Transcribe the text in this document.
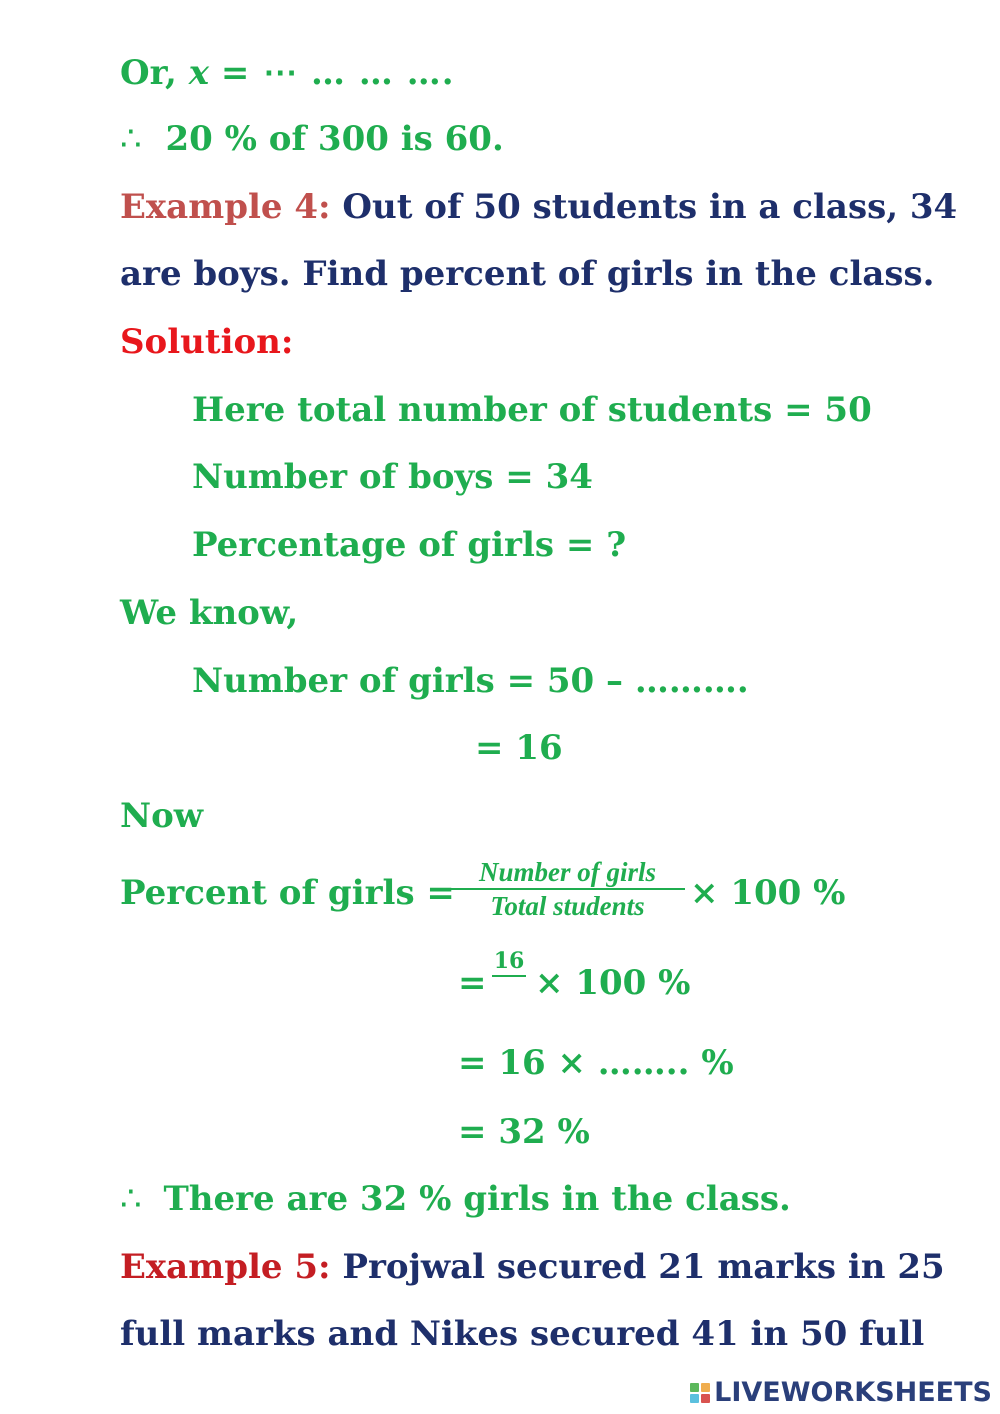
Or, x = ⋯ … … ….
∴ 20 % of 300 is 60.
Example 4: Out of 50 students in a class, 34
are boys. Find percent of girls in the class.
Solution:
Here total number of students = 50
Number of boys = 34
Percentage of girls = ?
We know,
Number of girls = 50 – ……….
= 16
Now
Percent of girls =
Number of girls
Total students	× 100 %
=
16

× 100 %
= 16 × …….. %
= 32 %
∴ There are 32 % girls in the class.
Example 5: Projwal secured 21 marks in 25
full marks and Nikes secured 41 in 50 full
LIVEWORKSHEETS
